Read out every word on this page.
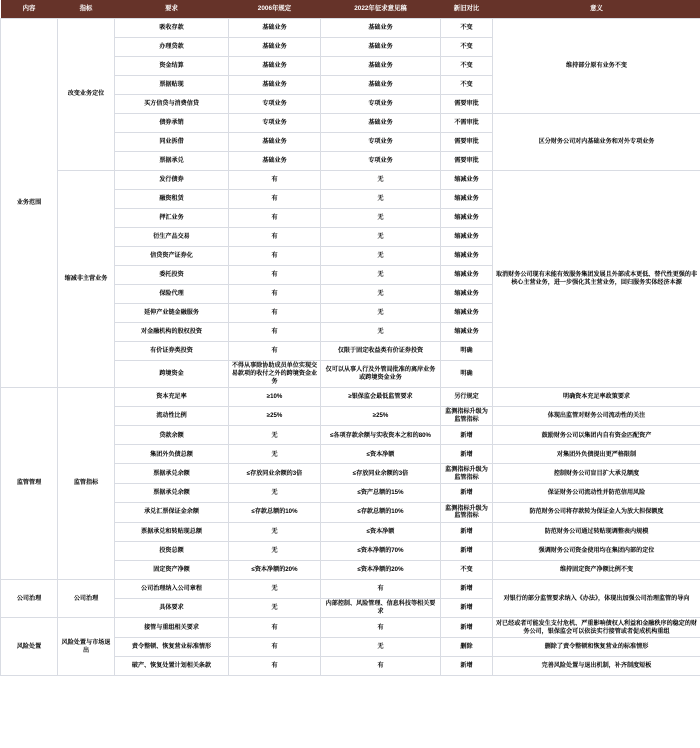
内容	指标	要求	2006年规定	2022年征求意见稿	新旧对比	意义	
业务范围	改变业务定位	吸收存款	基础业务	基础业务	不变	维持部分原有业务不变	
		办理贷款	基础业务	基础业务	不变		
		资金结算	基础业务	基础业务	不变		
		票据贴现	基础业务	基础业务	不变		
		买方信贷与消费信贷	专项业务	专项业务	需要审批		
		债券承销	专项业务	基础业务	不需审批	区分财务公司对内基础业务和对外专项业务	
		同业拆借	基础业务	专项业务	需要审批		
		票据承兑	基础业务	专项业务	需要审批		
	缩减非主营业务	发行债券	有	无	缩减业务	取消财务公司现有未能有效服务集团发展且外部成本更低、替代性更强的非核心主营业务，进一步强化其主营业务，回归服务实体经济本源	
		融资租赁	有	无	缩减业务		
		押汇业务	有	无	缩减业务		
		衍生产品交易	有	无	缩减业务		
		信贷资产证券化	有	无	缩减业务		
		委托投资	有	无	缩减业务		
		保险代理	有	无	缩减业务		
		延伸产业链金融服务	有	无	缩减业务		
		对金融机构的股权投资	有	无	缩减业务		
		有价证券类投资	有	仅限于固定收益类有价证券投资	明确		
		跨境资金	不得从事除协助成员单位实现交易款项的收付之外的跨境资金业务	仅可以从事人行及外管局批准的离岸业务或跨境资金业务	明确		
监管管理	监管指标	资本充足率	≥10%	≥银保监会最低监管要求	另行规定	明确资本充足率政策要求	
		流动性比例	≥25%	≥25%	监测指标升级为监管指标	体现出监管对财务公司流动性的关注	
		贷款余额	无	≤各项存款余额与实收资本之和的80%	新增	鼓励财务公司以集团内自有资金匹配资产	
		集团外负债总额	无	≤资本净额	新增	对集团外负债提出更严格限制	
		票据承兑余额	≤存放同业余额的3倍	≤存放同业余额的3倍	监测指标升级为监管指标	控制财务公司盲目扩大承兑额度	
		票据承兑余额	无	≤资产总额的15%	新增	保证财务公司流动性并防范信用风险	
		承兑汇票保证金余额	≤存款总额的10%	≤存款总额的10%	监测指标升级为监管指标	防范财务公司将存款转为保证金人为放大担保额度	
		票据承兑和转贴现总额	无	≤资本净额	新增	防范财务公司通过转贴现调整表内规模	
		投资总额	无	≤资本净额的70%	新增	强调财务公司资金使用均在集团内部的定位	
		固定资产净额	≤资本净额的20%	≤资本净额的20%	不变	维持固定资产净额比例不变	
公司治理	公司治理	公司治理纳入公司章程	无	有	新增	对银行的部分监管要求纳入《办法》，体现出加强公司治理监管的导向	
		具体要求	无	内部控制、风险管理、信息科技等相关要求	新增		
风险处置	风险处置与市场退出	接管与重组相关要求	有	有	新增	对已经或者可能发生支付危机、严重影响债权人利益和金融秩序的稳定的财务公司，银保监会可以依法实行接管或者促成机构重组	
		责令整顿、恢复营业标准情形	有	无	删除	删除了责令整顿和恢复营业的标准情形	
		破产、恢复处置计划相关条款	有	有	新增	完善风险处置与退出机制，补齐制度短板	
